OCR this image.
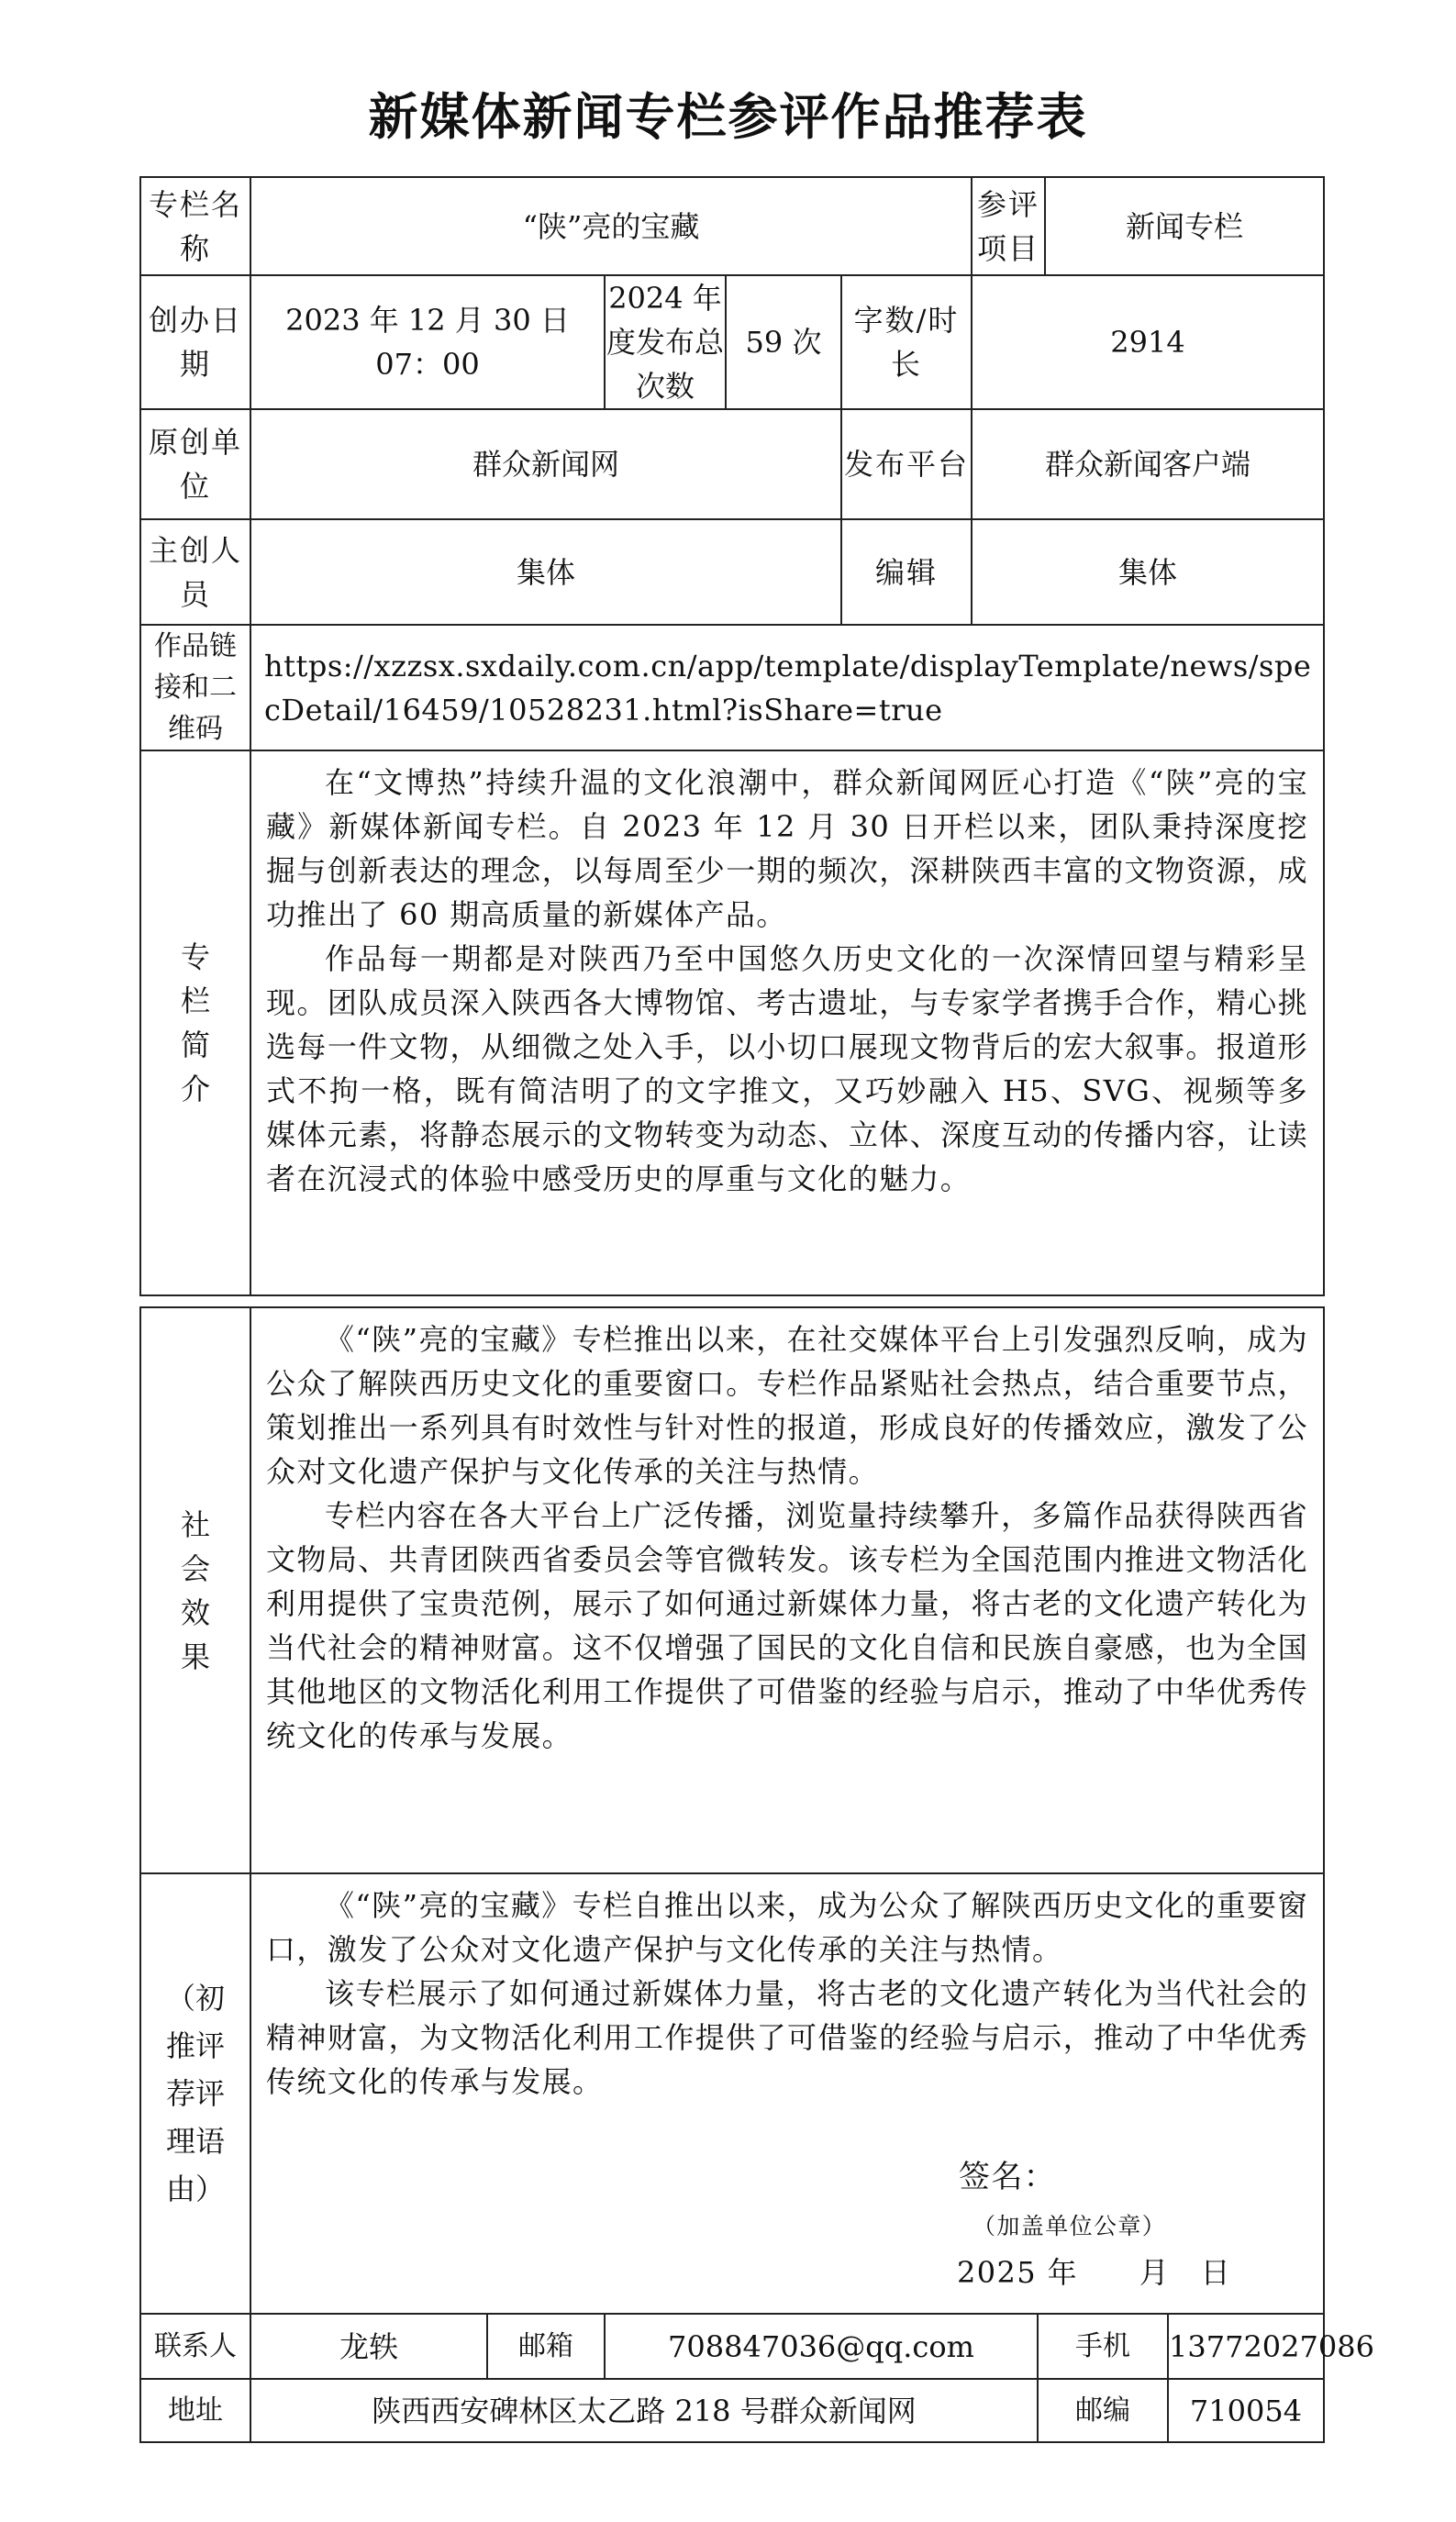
新媒体新闻专栏参评作品推荐表
专栏名称	“陕”亮的宝藏				参评项目	新闻专栏
创办日期	2023 年 12 月 30 日 07：00	2024 年度发布总次数	59 次	字数/时长	2914	
原创单位	群众新闻网			发布平台	群众新闻客户端	
主创人员	集体			编辑	集体	
作品链接和二维码	https://xzzsx.sxdaily.com.cn/app/template/displayTemplate/news/specDetail/16459/10528231.html?isShare=true					

专栏简介	在“文博热”持续升温的文化浪潮中，群众新闻网匠心打造《“陕”亮的宝藏》新媒体新闻专栏。自 2023 年 12 月 30 日开栏以来，团队秉持深度挖掘与创新表达的理念，以每周至少一期的频次，深耕陕西丰富的文物资源，成功推出了 60 期高质量的新媒体产品。

作品每一期都是对陕西乃至中国悠久历史文化的一次深情回望与精彩呈现。团队成员深入陕西各大博物馆、考古遗址，与专家学者携手合作，精心挑选每一件文物，从细微之处入手，以小切口展现文物背后的宏大叙事。报道形式不拘一格，既有简洁明了的文字推文，又巧妙融入 H5、SVG、视频等多媒体元素，将静态展示的文物转变为动态、立体、深度互动的传播内容，让读者在沉浸式的体验中感受历史的厚重与文化的魅力。					

社会效果	《“陕”亮的宝藏》专栏推出以来，在社交媒体平台上引发强烈反响，成为公众了解陕西历史文化的重要窗口。专栏作品紧贴社会热点，结合重要节点，策划推出一系列具有时效性与针对性的报道，形成良好的传播效应，激发了公众对文化遗产保护与文化传承的关注与热情。

专栏内容在各大平台上广泛传播，浏览量持续攀升，多篇作品获得陕西省文物局、共青团陕西省委员会等官微转发。该专栏为全国范围内推进文物活化利用提供了宝贵范例，展示了如何通过新媒体力量，将古老的文化遗产转化为当代社会的精神财富。这不仅增强了国民的文化自信和民族自豪感，也为全国其他地区的文物活化利用工作提供了可借鉴的经验与启示，推动了中华优秀传统文化的传承与发展。				

（初推评荐评理语由）	《“陕”亮的宝藏》专栏自推出以来，成为公众了解陕西历史文化的重要窗口，激发了公众对文化遗产保护与文化传承的关注与热情。

该专栏展示了如何通过新媒体力量，将古老的文化遗产转化为当代社会的精神财富，为文物活化利用工作提供了可借鉴的经验与启示，推动了中华优秀传统文化的传承与发展。

签名：
（加盖单位公章）
2025 年　　月　日				

联系人	龙轶	邮箱	708847036@qq.com	手机	13772027086
地址	陕西西安碑林区太乙路 218 号群众新闻网			邮编	710054
